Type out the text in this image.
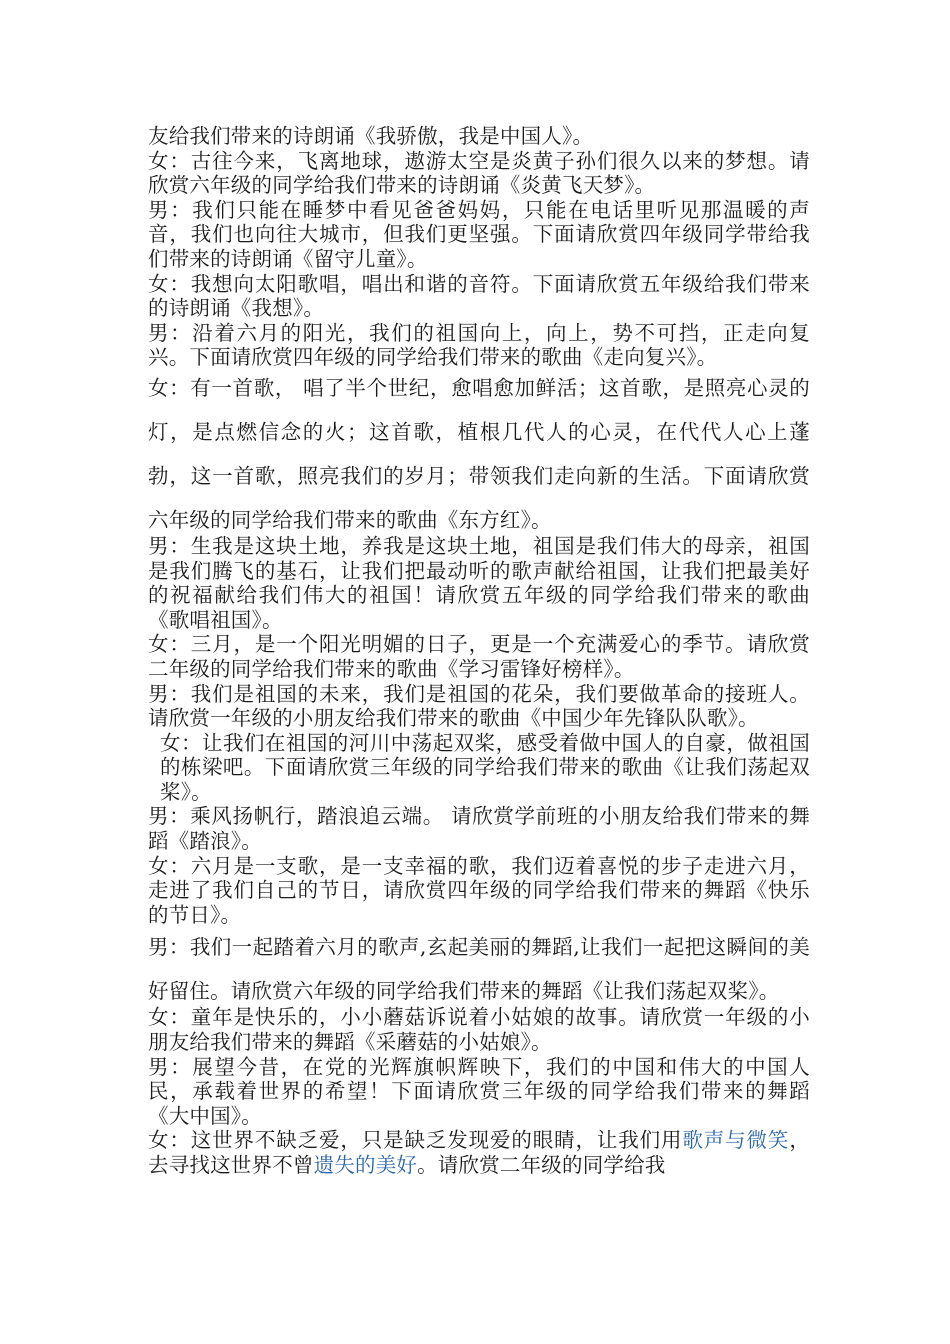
友给我们带来的诗朗诵《我骄傲，我是中国人》。

女：古往今来，飞离地球，遨游太空是炎黄子孙们很久以来的梦想。请欣赏六年级的同学给我们带来的诗朗诵《炎黄飞天梦》。

男：我们只能在睡梦中看见爸爸妈妈，只能在电话里听见那温暖的声音，我们也向往大城市，但我们更坚强。下面请欣赏四年级同学带给我们带来的诗朗诵《留守儿童》。

女：我想向太阳歌唱，唱出和谐的音符。下面请欣赏五年级给我们带来的诗朗诵《我想》。

男：沿着六月的阳光，我们的祖国向上，向上，势不可挡，正走向复兴。下面请欣赏四年级的同学给我们带来的歌曲《走向复兴》。

女：有一首歌， 唱了半个世纪，愈唱愈加鲜活；这首歌，是照亮心灵的灯，是点燃信念的火；这首歌，植根几代人的心灵，在代代人心上蓬勃，这一首歌，照亮我们的岁月；带领我们走向新的生活。下面请欣赏六年级的同学给我们带来的歌曲《东方红》。

男：生我是这块土地，养我是这块土地，祖国是我们伟大的母亲，祖国是我们腾飞的基石，让我们把最动听的歌声献给祖国，让我们把最美好的祝福献给我们伟大的祖国！请欣赏五年级的同学给我们带来的歌曲《歌唱祖国》。

女：三月，是一个阳光明媚的日子，更是一个充满爱心的季节。请欣赏二年级的同学给我们带来的歌曲《学习雷锋好榜样》。

男：我们是祖国的未来，我们是祖国的花朵，我们要做革命的接班人。请欣赏一年级的小朋友给我们带来的歌曲《中国少年先锋队队歌》。

女：让我们在祖国的河川中荡起双桨，感受着做中国人的自豪，做祖国的栋梁吧。下面请欣赏三年级的同学给我们带来的歌曲《让我们荡起双桨》。

男：乘风扬帆行，踏浪追云端。 请欣赏学前班的小朋友给我们带来的舞蹈《踏浪》。

女：六月是一支歌，是一支幸福的歌，我们迈着喜悦的步子走进六月，走进了我们自己的节日，请欣赏四年级的同学给我们带来的舞蹈《快乐的节日》。

男：我们一起踏着六月的歌声,玄起美丽的舞蹈,让我们一起把这瞬间的美好留住。请欣赏六年级的同学给我们带来的舞蹈《让我们荡起双桨》。

女：童年是快乐的，小小蘑菇诉说着小姑娘的故事。请欣赏一年级的小朋友给我们带来的舞蹈《采蘑菇的小姑娘》。

男：展望今昔，在党的光辉旗帜辉映下，我们的中国和伟大的中国人民，承载着世界的希望！下面请欣赏三年级的同学给我们带来的舞蹈《大中国》。

女：这世界不缺乏爱，只是缺乏发现爱的眼睛，让我们用歌声与微笑，去寻找这世界不曾遗失的美好。请欣赏二年级的同学给我
